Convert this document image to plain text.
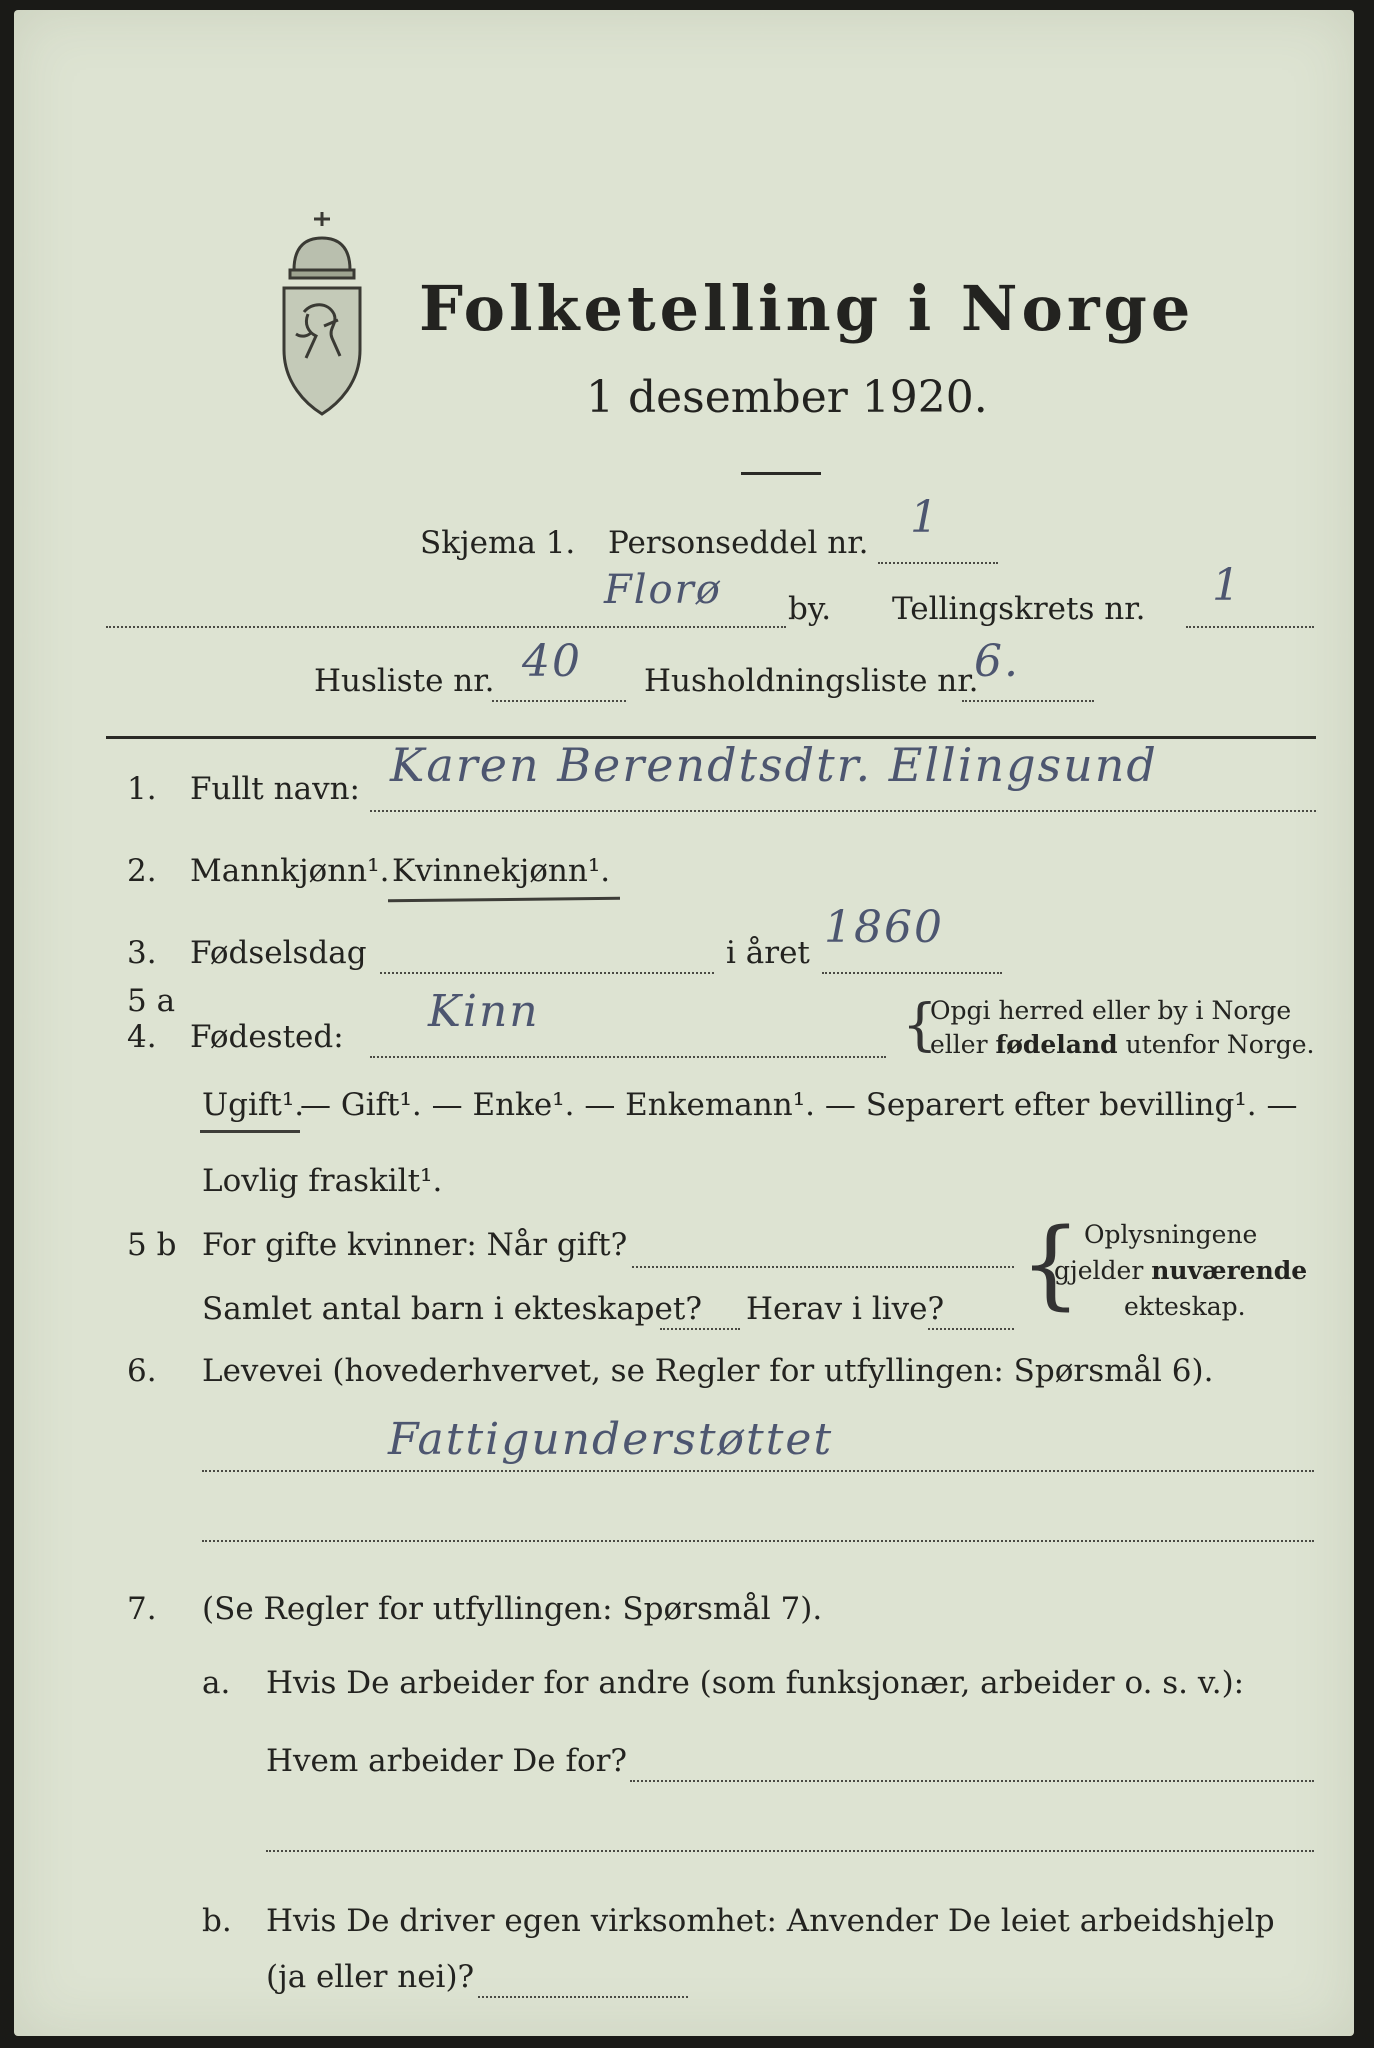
Folketelling i Norge
1 desember 1920.
Skjema 1. Personseddel nr. 1
Florø by. Tellingskrets nr. 1
Husliste nr. 40 Husholdningsliste nr.
6.
1. Fullt navn: Karen Berendtsdtr. Ellingsund
2. Mannkjønn¹. Kvinnekjønn¹.
3. Fødselsdag	i året 1860
4. Fødested: Kinn	{
Opgi herred eller by i Norge
eller fødeland utenfor Norge.
5 a
Ugift¹.
— Gift¹. — Enke¹. — Enkemann¹. — Separert efter bevilling¹. —
Lovlig fraskilt¹.
5 b For gifte kvinner: Når gift?
Samlet antal barn i ekteskapet? Herav i live? { Oplysningene
gjelder nuværende
ekteskap.
6. Levevei (hovederhvervet, se Regler for utfyllingen: Spørsmål 6).
Fattigunderstøttet
7. (Se Regler for utfyllingen: Spørsmål 7).
a. Hvis De arbeider for andre (som funksjonær, arbeider o. s. v.):
Hvem arbeider De for?
b. Hvis De driver egen virksomhet: Anvender De leiet arbeidshjelp
(ja eller nei)?
